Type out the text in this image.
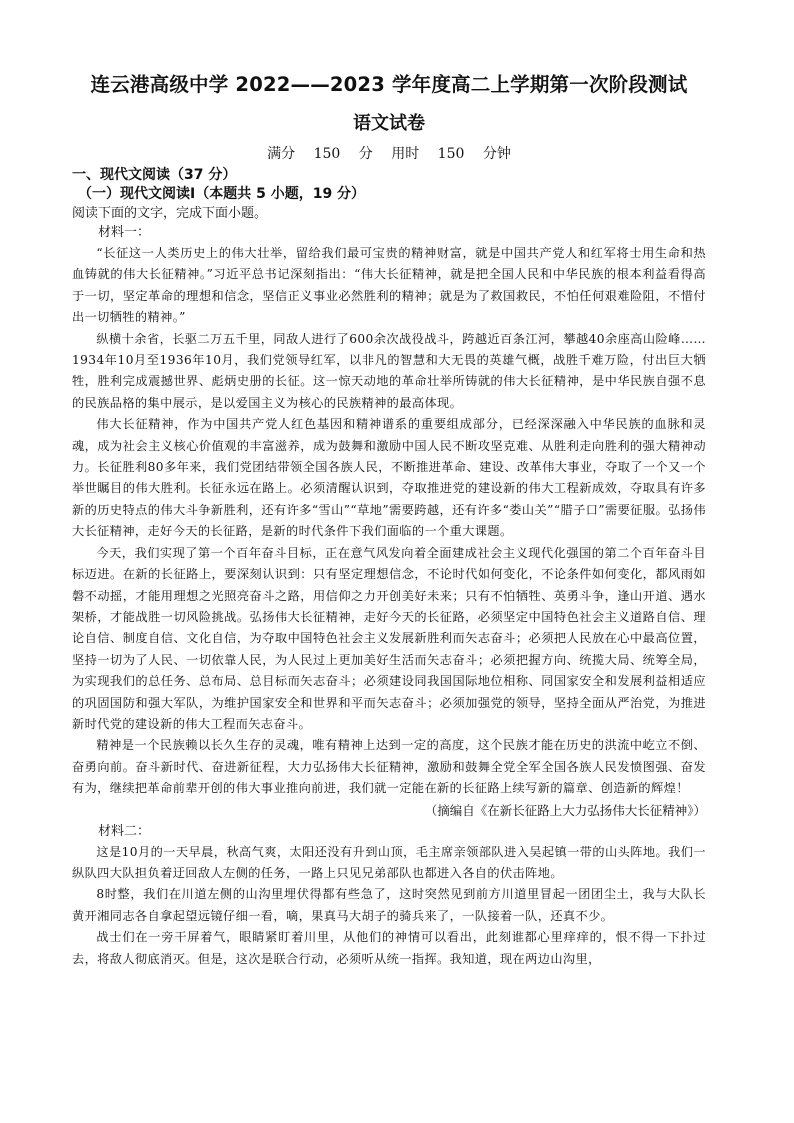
连云港高级中学 2022——2023 学年度高二上学期第一次阶段测试
语文试卷
满分 150 分 用时 150 分钟
一、现代文阅读（37 分）
（一）现代文阅读Ⅰ（本题共 5 小题，19 分）
阅读下面的文字，完成下面小题。
材料一：

“长征这一人类历史上的伟大壮举，留给我们最可宝贵的精神财富，就是中国共产党人和红军将士用生命和热血铸就的伟大长征精神。”习近平总书记深刻指出：“伟大长征精神，就是把全国人民和中华民族的根本利益看得高于一切，坚定革命的理想和信念，坚信正义事业必然胜利的精神；就是为了救国救民，不怕任何艰难险阻，不惜付出一切牺牲的精神。”

纵横十余省，长驱二万五千里，同敌人进行了600余次战役战斗，跨越近百条江河，攀越40余座高山险峰……1934年10月至1936年10月，我们党领导红军，以非凡的智慧和大无畏的英雄气概，战胜千难万险，付出巨大牺牲，胜利完成震撼世界、彪炳史册的长征。这一惊天动地的革命壮举所铸就的伟大长征精神，是中华民族自强不息的民族品格的集中展示，是以爱国主义为核心的民族精神的最高体现。

伟大长征精神，作为中国共产党人红色基因和精神谱系的重要组成部分，已经深深融入中华民族的血脉和灵魂，成为社会主义核心价值观的丰富滋养，成为鼓舞和激励中国人民不断攻坚克难、从胜利走向胜利的强大精神动力。长征胜利80多年来，我们党团结带领全国各族人民，不断推进革命、建设、改革伟大事业，夺取了一个又一个举世瞩目的伟大胜利。长征永远在路上。必须清醒认识到，夺取推进党的建设新的伟大工程新成效，夺取具有许多新的历史特点的伟大斗争新胜利，还有许多“雪山”“草地”需要跨越，还有许多“娄山关”“腊子口”需要征服。弘扬伟大长征精神，走好今天的长征路，是新的时代条件下我们面临的一个重大课题。

今天，我们实现了第一个百年奋斗目标，正在意气风发向着全面建成社会主义现代化强国的第二个百年奋斗目标迈进。在新的长征路上，要深刻认识到：只有坚定理想信念，不论时代如何变化，不论条件如何变化，都风雨如磐不动摇，才能用理想之光照亮奋斗之路，用信仰之力开创美好未来；只有不怕牺牲、英勇斗争，逢山开道、遇水架桥，才能战胜一切风险挑战。弘扬伟大长征精神，走好今天的长征路，必须坚定中国特色社会主义道路自信、理论自信、制度自信、文化自信，为夺取中国特色社会主义发展新胜利而矢志奋斗；必须把人民放在心中最高位置，坚持一切为了人民、一切依靠人民，为人民过上更加美好生活而矢志奋斗；必须把握方向、统揽大局、统筹全局，为实现我们的总任务、总布局、总目标而矢志奋斗；必须建设同我国国际地位相称、同国家安全和发展利益相适应的巩固国防和强大军队，为维护国家安全和世界和平而矢志奋斗；必须加强党的领导，坚持全面从严治党，为推进新时代党的建设新的伟大工程而矢志奋斗。

精神是一个民族赖以长久生存的灵魂，唯有精神上达到一定的高度，这个民族才能在历史的洪流中屹立不倒、奋勇向前。奋斗新时代、奋进新征程，大力弘扬伟大长征精神，激励和鼓舞全党全军全国各族人民发愤图强、奋发有为，继续把革命前辈开创的伟大事业推向前进，我们就一定能在新的长征路上续写新的篇章、创造新的辉煌！

（摘编自《在新长征路上大力弘扬伟大长征精神》）
材料二：

这是10月的一天早晨，秋高气爽，太阳还没有升到山顶，毛主席亲领部队进入吴起镇一带的山头阵地。我们一纵队四大队担负着迂回敌人左侧的任务，一路上只见兄弟部队也都进入各自的伏击阵地。

8时整，我们在川道左侧的山沟里埋伏得都有些急了，这时突然见到前方川道里冒起一团团尘土，我与大队长黄开湘同志各自拿起望远镜仔细一看，嘀，果真马大胡子的骑兵来了，一队接着一队，还真不少。

战士们在一旁干屏着气，眼睛紧盯着川里，从他们的神情可以看出，此刻谁都心里痒痒的，恨不得一下扑过去，将敌人彻底消灭。但是，这次是联合行动，必须听从统一指挥。我知道，现在两边山沟里，
